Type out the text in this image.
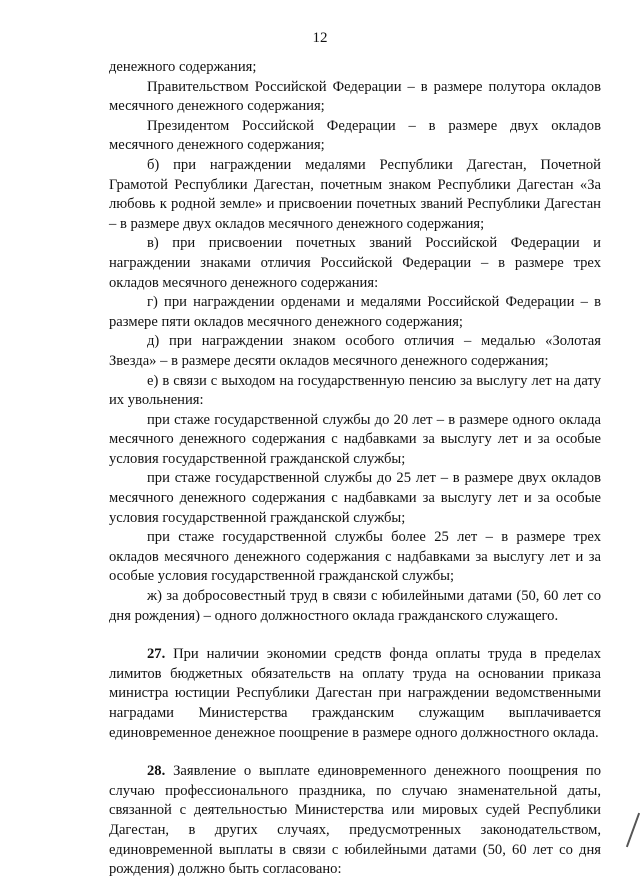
12

денежного содержания;

Правительством Российской Федерации – в размере полутора окладов месячного денежного содержания;

Президентом Российской Федерации – в размере двух окладов месячного денежного содержания;

б) при награждении медалями Республики Дагестан, Почетной Грамотой Республики Дагестан, почетным знаком Республики Дагестан «За любовь к родной земле» и присвоении почетных званий Республики Дагестан – в размере двух окладов месячного денежного содержания;

в) при присвоении почетных званий Российской Федерации и награждении знаками отличия Российской Федерации – в размере трех окладов месячного денежного содержания:

г) при награждении орденами и медалями Российской Федерации – в размере пяти окладов месячного денежного содержания;

д) при награждении знаком особого отличия – медалью «Золотая Звезда» – в размере десяти окладов месячного денежного содержания;

е) в связи с выходом на государственную пенсию за выслугу лет на дату их увольнения:

при стаже государственной службы до 20 лет – в размере одного оклада месячного денежного содержания с надбавками за выслугу лет и за особые условия государственной гражданской службы;

при стаже государственной службы до 25 лет – в размере двух окладов месячного денежного содержания с надбавками за выслугу лет и за особые условия государственной гражданской службы;

при стаже государственной службы более 25 лет – в размере трех окладов месячного денежного содержания с надбавками за выслугу лет и за особые условия государственной гражданской службы;

ж) за добросовестный труд в связи с юбилейными датами (50, 60 лет со дня рождения) – одного должностного оклада гражданского служащего.

27. При наличии экономии средств фонда оплаты труда в пределах лимитов бюджетных обязательств на оплату труда на основании приказа министра юстиции Республики Дагестан при награждении ведомственными наградами Министерства гражданским служащим выплачивается единовременное денежное поощрение в размере одного должностного оклада.

28. Заявление о выплате единовременного денежного поощрения по случаю профессионального праздника, по случаю знаменательной даты, связанной с деятельностью Министерства или мировых судей Республики Дагестан, в других случаях, предусмотренных законодательством, единовременной выплаты в связи с юбилейными датами (50, 60 лет со дня рождения) должно быть согласовано:
